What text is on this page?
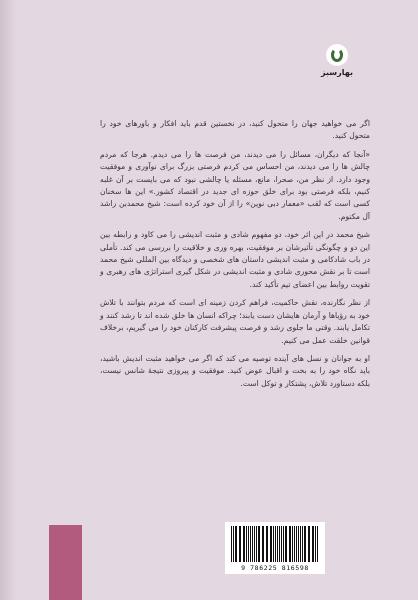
بهارسبز

اگر می خواهید جهان را متحول کنید، در نخستین قدم باید افکار و باورهای خود را متحول کنید.

«آنجا که دیگران، مسائل را می دیدند، من فرصت ها را می دیدم. هرجا که مردم چالش ها را می دیدند، من احساس می کردم فرصتی بزرگ برای نوآوری و موفقیت وجود دارد. از نظر من، صحرا، مانع، مسئله یا چالشی نبود که می بایست بر آن غلبه کنیم، بلکه فرصتی بود برای خلق حوزه ای جدید در اقتصاد کشور.» این ها سخنان کسی است که لقب «معمار دبی نوین» را از آن خود کرده است: شیخ محمدبن راشد آل مکتوم.

شیخ محمد در این اثر خود، دو مفهوم شادی و مثبت اندیشی را می کاود و رابطه بین این دو و چگونگی تأثیرشان بر موفقیت، بهره وری و خلاقیت را بررسی می کند. تأملی در باب شادکامی و مثبت اندیشی داستان های شخصی و دیدگاه بین المللی شیخ محمد است تا بر نقش محوری شادی و مثبت اندیشی در شکل گیری استراتژی های رهبری و تقویت روابط بین اعضای تیم تأکید کند.

از نظر نگارنده، نقش حاکمیت، فراهم کردن زمینه ای است که مردم بتوانند با تلاش خود به رؤیاها و آرمان هایشان دست یابند؛ چراکه انسان ها خلق شده اند تا رشد کنند و تکامل یابند. وقتی ما جلوی رشد و فرصت پیشرفت کارکنان خود را می گیریم، برخلاف قوانین خلقت عمل می کنیم.

او به جوانان و نسل های آینده توصیه می کند که اگر می خواهید مثبت اندیش باشید، باید نگاه خود را به بخت و اقبال عوض کنید. موفقیت و پیروزی نتیجهٔ شانس نیست، بلکه دستاورد تلاش، پشتکار و توکل است.

9 786225 816598
